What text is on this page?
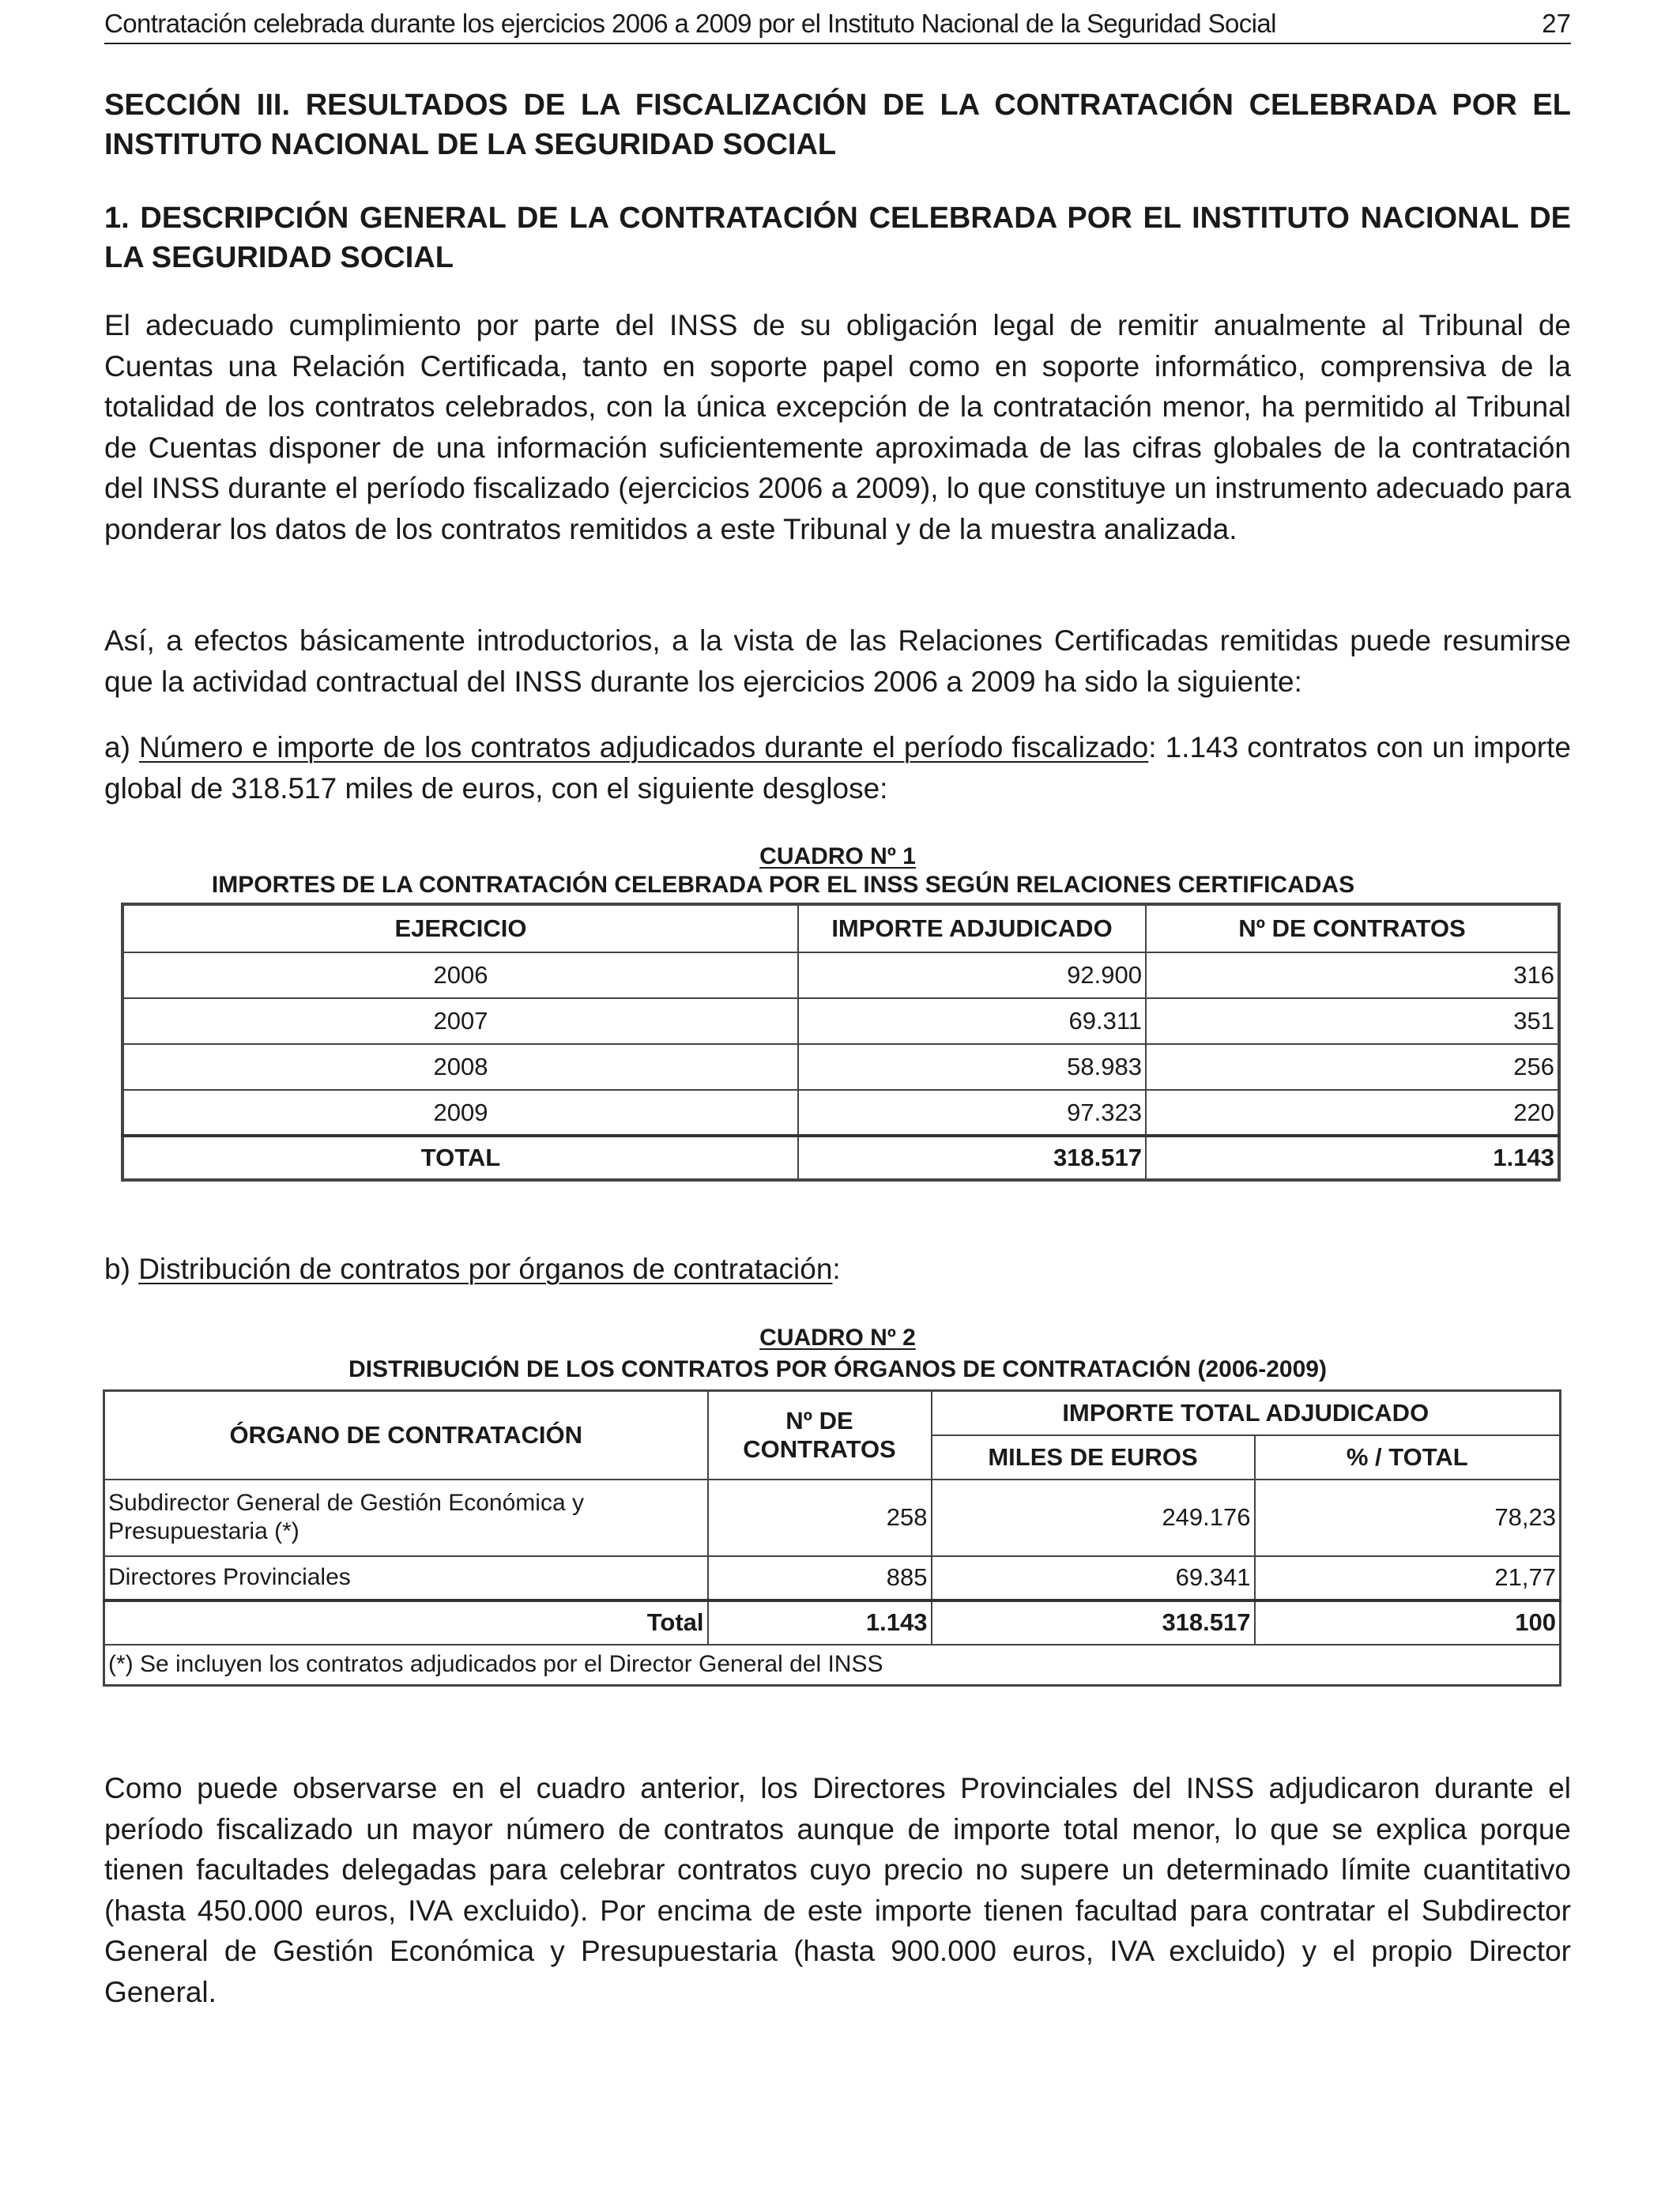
Contratación celebrada durante los ejercicios 2006 a 2009 por el Instituto Nacional de la Seguridad Social	27

SECCIÓN III. RESULTADOS DE LA FISCALIZACIÓN DE LA CONTRATACIÓN CELEBRADA POR EL INSTITUTO NACIONAL DE LA SEGURIDAD SOCIAL

1. DESCRIPCIÓN GENERAL DE LA CONTRATACIÓN CELEBRADA POR EL INSTITUTO NACIONAL DE LA SEGURIDAD SOCIAL

El adecuado cumplimiento por parte del INSS de su obligación legal de remitir anualmente al Tribunal de Cuentas una Relación Certificada, tanto en soporte papel como en soporte informático, comprensiva de la totalidad de los contratos celebrados, con la única excepción de la contratación menor, ha permitido al Tribunal de Cuentas disponer de una información suficientemente aproximada de las cifras globales de la contratación del INSS durante el período fiscalizado (ejercicios 2006 a 2009), lo que constituye un instrumento adecuado para ponderar los datos de los contratos remitidos a este Tribunal y de la muestra analizada.

Así, a efectos básicamente introductorios, a la vista de las Relaciones Certificadas remitidas puede resumirse que la actividad contractual del INSS durante los ejercicios 2006 a 2009 ha sido la siguiente:

a) Número e importe de los contratos adjudicados durante el período fiscalizado: 1.143 contratos con un importe global de 318.517 miles de euros, con el siguiente desglose:

CUADRO Nº 1
IMPORTES DE LA CONTRATACIÓN CELEBRADA POR EL INSS SEGÚN RELACIONES CERTIFICADAS
EJERCICIO	IMPORTE ADJUDICADO	Nº DE CONTRATOS
2006	92.900	316
2007	69.311	351
2008	58.983	256
2009	97.323	220
TOTAL	318.517	1.143

b) Distribución de contratos por órganos de contratación:

CUADRO Nº 2
DISTRIBUCIÓN DE LOS CONTRATOS POR ÓRGANOS DE CONTRATACIÓN (2006-2009)
ÓRGANO DE CONTRATACIÓN	Nº DE CONTRATOS	IMPORTE TOTAL ADJUDICADO	
		MILES DE EUROS	% / TOTAL
Subdirector General de Gestión Económica y Presupuestaria (*)	258	249.176	78,23
Directores Provinciales	885	69.341	21,77
Total	1.143	318.517	100
(*) Se incluyen los contratos adjudicados por el Director General del INSS			

Como puede observarse en el cuadro anterior, los Directores Provinciales del INSS adjudicaron durante el período fiscalizado un mayor número de contratos aunque de importe total menor, lo que se explica porque tienen facultades delegadas para celebrar contratos cuyo precio no supere un determinado límite cuantitativo (hasta 450.000 euros, IVA excluido). Por encima de este importe tienen facultad para contratar el Subdirector General de Gestión Económica y Presupuestaria (hasta 900.000 euros, IVA excluido) y el propio Director General.
